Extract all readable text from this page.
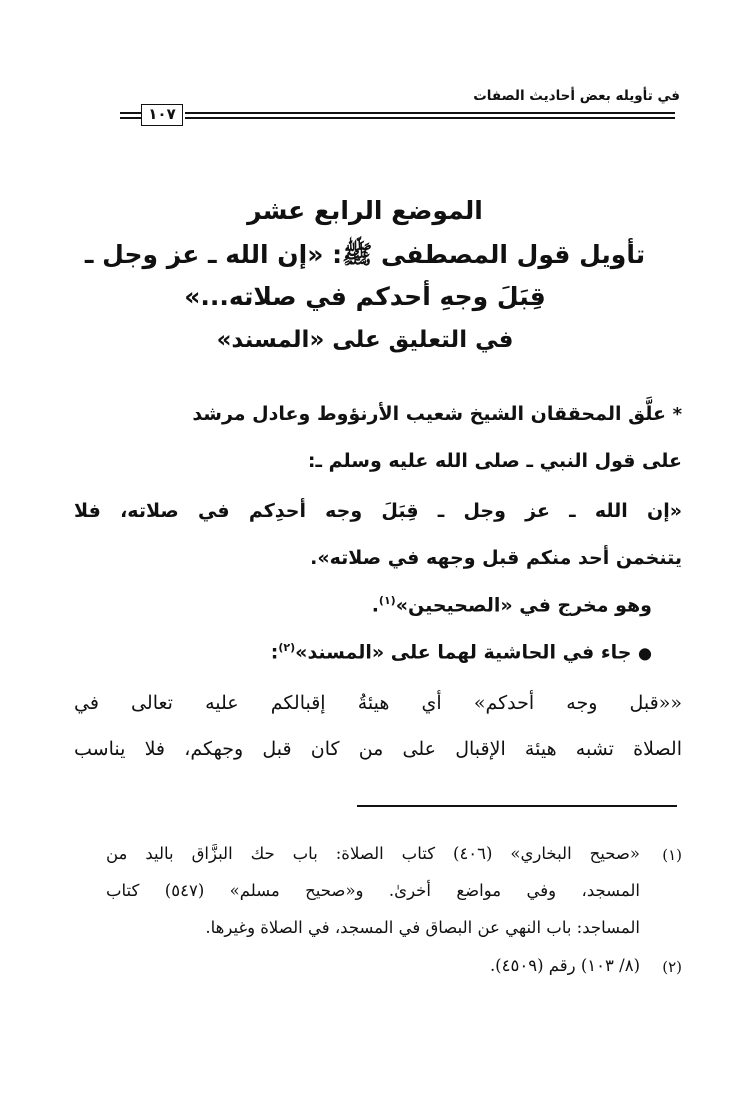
في تأويله بعض أحاديث الصفات
١٠٧
الموضع الرابع عشر
تأويل قول المصطفى ﷺ: «إن الله ـ عز وجل ـ
قِبَلَ وجهِ أحدكم في صلاته...»
في التعليق على «المسند»
* علَّق المحققان الشيخ شعيب الأرنؤوط وعادل مرشد
على قول النبي ـ صلى الله عليه وسلم ـ:
«إن الله ـ عز وجل ـ قِبَلَ وجه أحدِكم في صلاته، فلا
يتنخمن أحد منكم قبل وجهه في صلاته».
وهو مخرج في «الصحيحين»$^{(١)}$.
● جاء في الحاشية لهما على «المسند»$^{(٢)}$:
««قبل وجه أحدكم» أي هيئةُ إقبالكم عليه تعالى في
الصلاة تشبه هيئة الإقبال على من كان قبل وجهكم، فلا يناسب
(١)
«صحيح البخاري» (٤٠٦) كتاب الصلاة: باب حك البزَّاق باليد من
المسجد، وفي مواضع أخرىٰ. و«صحيح مسلم» (٥٤٧) كتاب
المساجد: باب النهي عن البصاق في المسجد، في الصلاة وغيرها.
(٢)
(٨/ ١٠٣) رقم (٤٥٠٩).
